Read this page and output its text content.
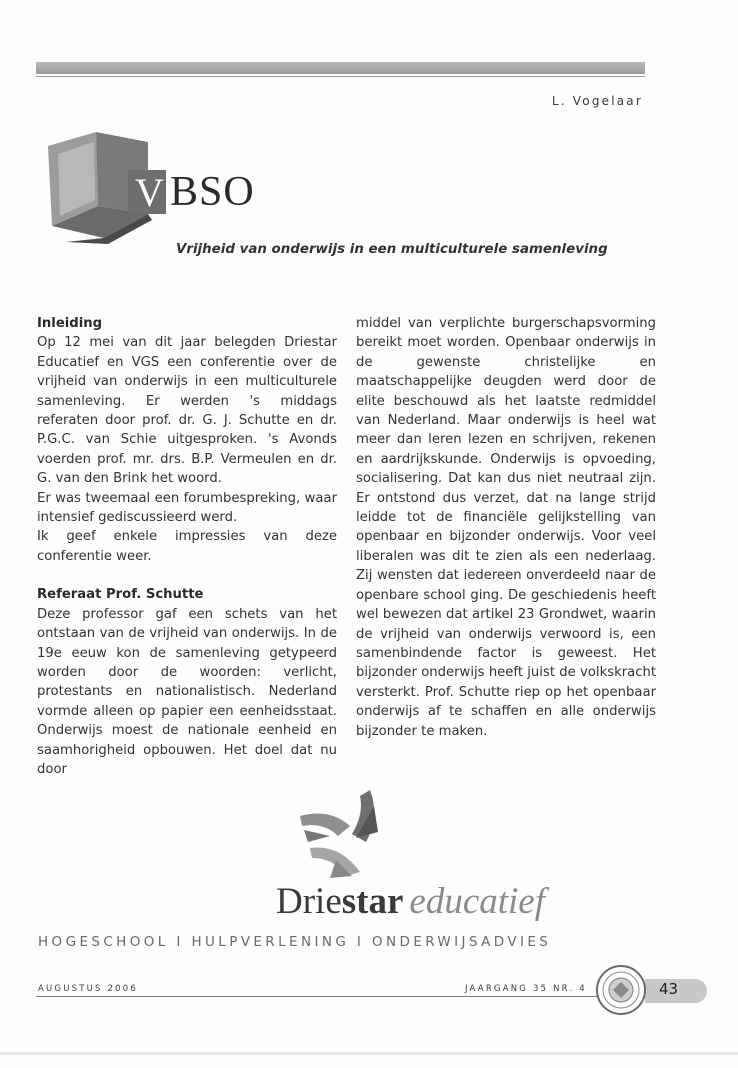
L. Vogelaar
V BSO
Vrijheid van onderwijs in een multiculturele samenleving
Inleiding

Op 12 mei van dit jaar belegden Driestar Educatief en VGS een conferentie over de vrijheid van onderwijs in een multiculturele samenleving. Er werden 's middags referaten door prof. dr. G. J. Schutte en dr. P.G.C. van Schie uitgesproken. 's Avonds voerden prof. mr. drs. B.P. Vermeulen en dr. G. van den Brink het woord.

Er was tweemaal een forumbespreking, waar intensief gediscussieerd werd.

Ik geef enkele impressies van deze conferentie weer.

Referaat Prof. Schutte

Deze professor gaf een schets van het ontstaan van de vrijheid van onderwijs. In de 19e eeuw kon de samenleving getypeerd worden door de woorden: verlicht, protestants en nationalistisch. Nederland vormde alleen op papier een eenheidsstaat. Onderwijs moest de nationale eenheid en saamhorigheid opbouwen. Het doel dat nu door

middel van verplichte burgerschapsvorming bereikt moet worden. Openbaar onderwijs in de gewenste christelijke en maatschappelijke deugden werd door de elite beschouwd als het laatste redmiddel van Nederland. Maar onderwijs is heel wat meer dan leren lezen en schrijven, rekenen en aardrijkskunde. Onderwijs is opvoeding, socialisering. Dat kan dus niet neutraal zijn. Er ontstond dus verzet, dat na lange strijd leidde tot de financiële gelijkstelling van openbaar en bijzonder onderwijs. Voor veel liberalen was dit te zien als een nederlaag. Zij wensten dat iedereen onverdeeld naar de openbare school ging. De geschiedenis heeft wel bewezen dat artikel 23 Grondwet, waarin de vrijheid van onderwijs verwoord is, een samenbindende factor is geweest. Het bijzonder onderwijs heeft juist de volkskracht versterkt. Prof. Schutte riep op het openbaar onderwijs af te schaffen en alle onderwijs bijzonder te maken.

Driestar educatief
HOGESCHOOL I HULPVERLENING I ONDERWIJSADVIES
AUGUSTUS 2006	JAARGANG 35 NR. 4	43
